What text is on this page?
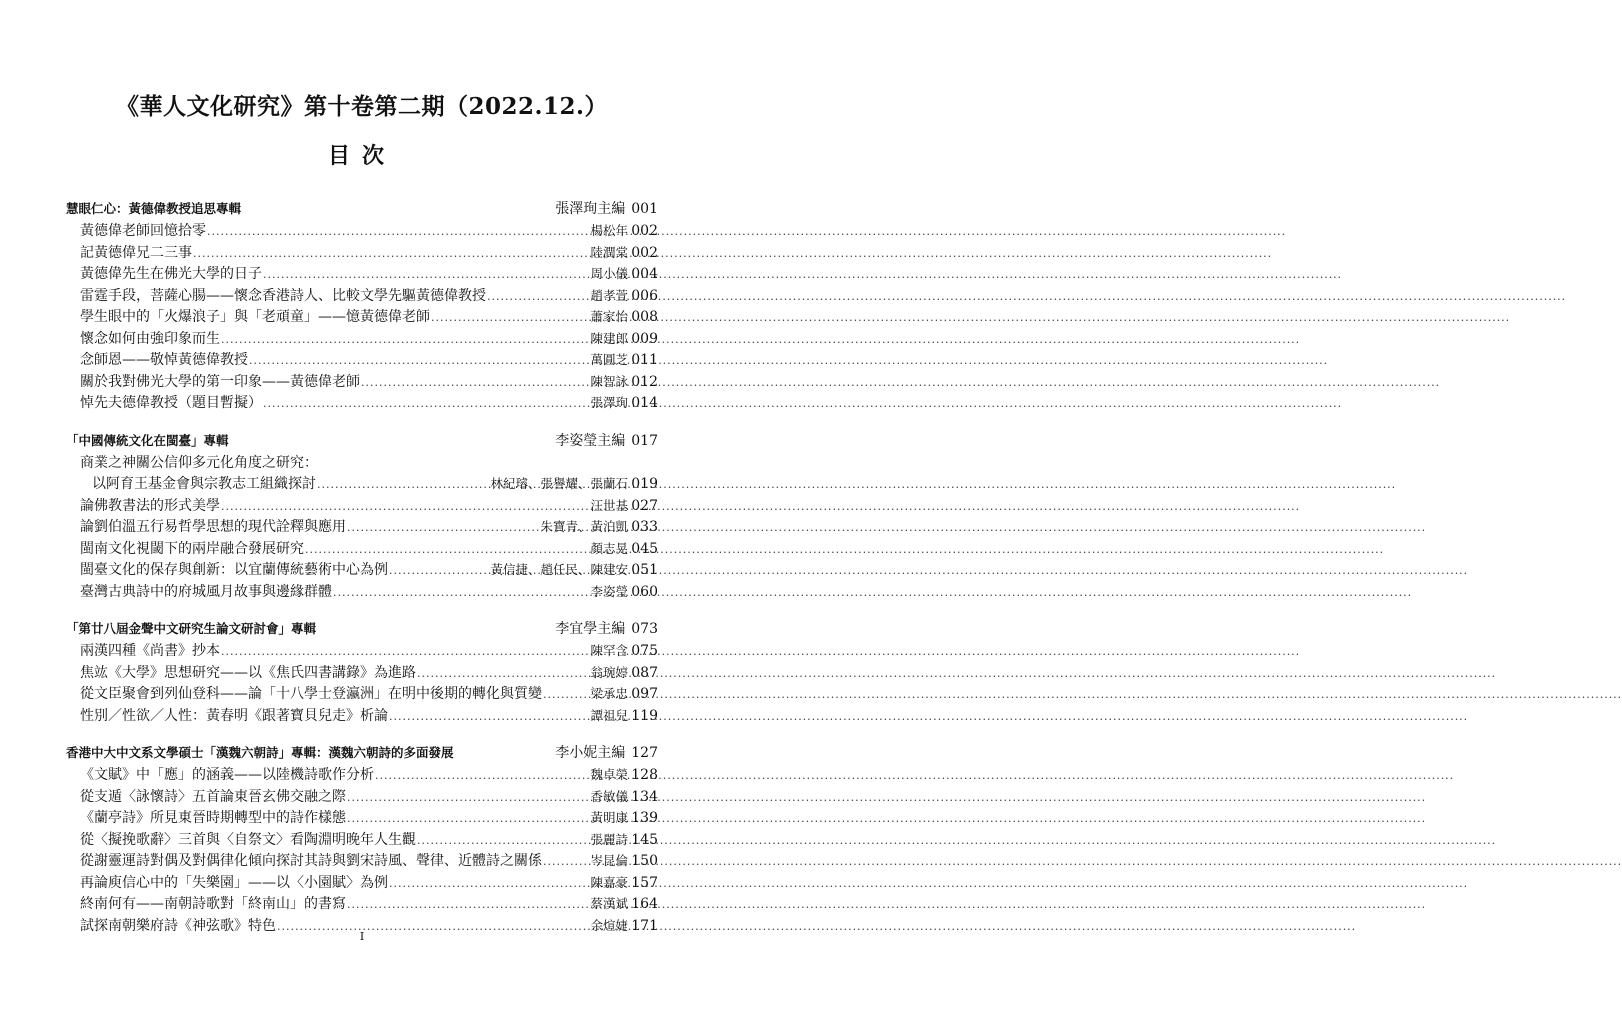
《華人文化研究》第十卷第二期（2022.12.）
目次
慧眼仁心：黃德偉教授追思專輯	張澤珣主編 001
黃德偉老師回憶拾零 .....	楊松年 002
記黃德偉兄二三事 .....	陸潤棠 002
黃德偉先生在佛光大學的日子 .....	周小儀 004
雷霆手段，菩薩心腸——懷念香港詩人、比較文學先驅黃德偉教授 .....	趙孝萱 006
學生眼中的「火爆浪子」與「老頑童」——憶黃德偉老師 .....	蕭家怡 008
懷念如何由強印象而生 .....	陳建郎 009
念師恩——敬悼黃德偉教授 .....	萬圓芝 011
關於我對佛光大學的第一印象——黃德偉老師 .....	陳智詠 012
悼先夫德偉教授（題目暫擬） .....	張澤珣 014
「中國傳統文化在閩臺」專輯	李姿瑩主編 017
商業之神關公信仰多元化角度之研究：
以阿育王基金會與宗教志工組織探討 .....	林紀璿、張譽耀、張蘭石 019
論佛教書法的形式美學 .....	汪世基 027
論劉伯溫五行易哲學思想的現代詮釋與應用 .....	朱寶青、黃泊凱 033
閩南文化視閾下的兩岸融合發展研究 .....	顏志晃 045
閩臺文化的保存與創新：以宜蘭傳統藝術中心為例 .....	黃信捷、趙任民、陳建安 051
臺灣古典詩中的府城風月故事與邊緣群體 .....	李姿瑩 060
「第廿八屆金聲中文研究生論文研討會」專輯	李宜學主編 073
兩漢四種《尚書》抄本 .....	陳罕含 075
焦竑《大學》思想研究——以《焦氏四書講錄》為進路 .....	翁琬婷 087
從文臣聚會到列仙登科——論「十八學士登瀛洲」在明中後期的轉化與質變 .....	梁承忠 097
性別／性欲／人性：黃春明《跟著寶貝兒走》析論 .....	譚祖兒 119
香港中大中文系文學碩士「漢魏六朝詩」專輯：漢魏六朝詩的多面發展	李小妮主編 127
《文賦》中「應」的涵義——以陸機詩歌作分析 .....	魏卓榮 128
從支遁〈詠懷詩〉五首論東晉玄佛交融之際 .....	香敏儀 134
《蘭亭詩》所見東晉時期轉型中的詩作樣態 .....	黃明康 139
從〈擬挽歌辭〉三首與〈自祭文〉看陶淵明晚年人生觀 .....	張麗詩 145
從謝靈運詩對偶及對偶律化傾向探討其詩與劉宋詩風、聲律、近體詩之關係 .....	岑昆倫 150
再論庾信心中的「失樂園」——以〈小園賦〉為例 .....	陳嘉豪 157
終南何有——南朝詩歌對「終南山」的書寫 .....	蔡漢斌 164
試探南朝樂府詩《神弦歌》特色 .....	余煊婕 171
I
